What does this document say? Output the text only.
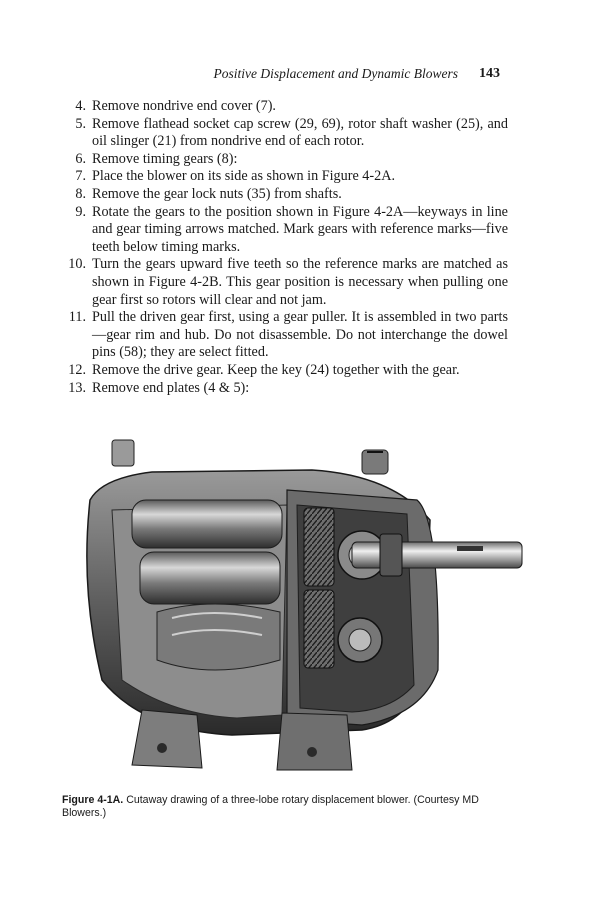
Positive Displacement and Dynamic Blowers 143
4. Remove nondrive end cover (7).
5. Remove flathead socket cap screw (29, 69), rotor shaft washer (25), and oil slinger (21) from nondrive end of each rotor.
6. Remove timing gears (8):
7. Place the blower on its side as shown in Figure 4-2A.
8. Remove the gear lock nuts (35) from shafts.
9. Rotate the gears to the position shown in Figure 4-2A—keyways in line and gear timing arrows matched. Mark gears with reference marks—five teeth below timing marks.
10. Turn the gears upward five teeth so the reference marks are matched as shown in Figure 4-2B. This gear position is necessary when pulling one gear first so rotors will clear and not jam.
11. Pull the driven gear first, using a gear puller. It is assembled in two parts—gear rim and hub. Do not disassemble. Do not interchange the dowel pins (58); they are select fitted.
12. Remove the drive gear. Keep the key (24) together with the gear.
13. Remove end plates (4 & 5):
Figure 4-1A. Cutaway drawing of a three-lobe rotary displacement blower. (Courtesy MD Blowers.)
